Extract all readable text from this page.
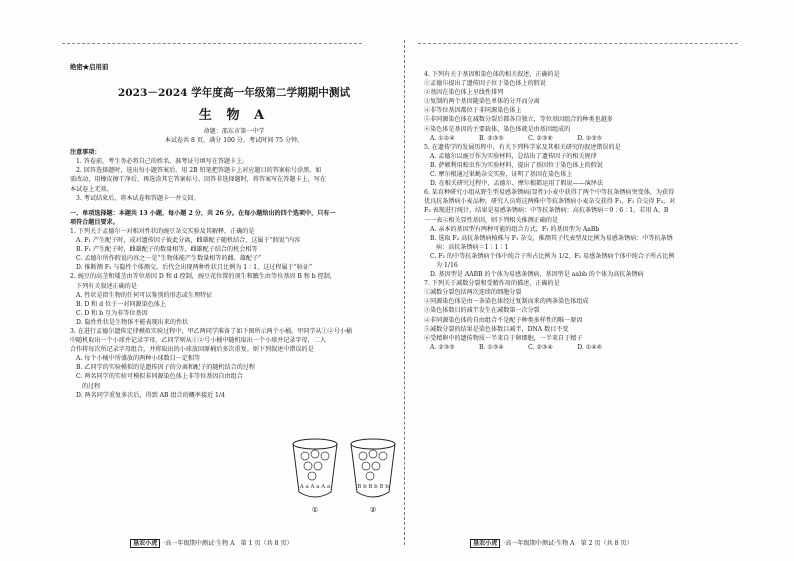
绝密★启用前
2023－2024 学年度高一年级第二学期期中测试
生 物 A
命题：邵东市第一中学
本试卷共 8 页，满分 100 分，考试时间 75 分钟。
注意事项：
1. 答卷前，考生务必将自己的姓名、准考证号填写在答题卡上。
2. 回答选择题时，选出每小题答案后，用 2B 铅笔把答题卡上对应题目的答案标号涂黑。如
需改动，用橡皮擦干净后，再选涂其它答案标号。回答非选择题时，将答案写在答题卡上，写在
本试卷上无效。
3. 考试结束后，将本试卷和答题卡一并交回。
一、单项选择题：本题共 13 小题，每小题 2 分，共 26 分。在每小题给出的四个选项中，只有一
项符合题目要求。
1. 下列关于孟德尔一对相对性状的豌豆杂交实验及其解释，正确的是
A. F₁ 产生配子时，成对遗传因子彼此分离，雌雄配子随机结合，这属于“假说”内容
B. F₁ 产生配子时，雌雄配子的数量相等，雌雄配子结合的机会相等
C. 孟德尔所作假说内容之一是“生物体能产生数量相等的雌、雄配子”
D. 推断测 F₁ 与隐性个体测交，后代会出现两种性状且比例为 1∶1，这过程属于“验证”
2. 豌豆的高茎和矮茎由等位基因 D 和 d 控制，豌豆花位置的顶生和腋生由等位基因 B 和 b 控制，
下列有关叙述正确的是
A. 性状是指生物的任何可以鉴别的形态或生理特征
B. D 和 d 位于一对同源染色体上
C. D 和 b 互为非等位基因
D. 隐性性状是生物体不能表现出来的性状
3. 在进行孟德尔遗传定律模拟实验过程中，甲乙两同学准备了如下图所示两个小桶，甲同学从①②号小桶
中随机取出一个小球并记录字母，乙同学则从①②号小桶中随机取出一个小球并记录字母，二人
合作将每次所记录字母组合，并将取出的小球放回原桶后多次重复。则下列叙述中错误的是
A. 每个小桶中所盛放的两种小球数目一定相等
B. 乙同学的实验模拟的是遗传因子的分离和配子的随机结合的过程
C. 两名同学的实验可模拟非同源染色体上非等位基因自由组合
的过程
D. 两名同学重复多次后，得到 AB 组合的概率接近 1/4
A a A a A a	B b B b B b
①	②
4. 下列有关于基因和染色体的相关叙述，正确的是
①孟德尔提出了遗传因子位于染色体上的假说
②基因在染色体上呈线性排列
③复制的两个基因随染色单体的分开而分离
④非等位基因都位于非同源染色体上
⑤非同源染色体在减数分裂后都各自独立，等位基因组合的种类也越多
⑥染色体是基因的主要载体，染色体就是由基因组成的
A. ①②④　　　　B. ②③⑤　　　　C. ②③⑥　　　　D. ②③⑤
5. 在遗传学的发展历程中，有关下列科学家及其相关研究的叙述错误的是
A. 孟德尔以豌豆作为实验材料，总结出了遗传因子的相关规律
B. 萨顿利用蝗虫作为实验材料，提出了基因位于染色体上的假说
C. 摩尔根通过果蝇杂交实验，证明了基因在染色体上
D. 在相关研究过程中，孟德尔、摩尔根都运用了假说——演绎法
6. 某育种研究小组从野生型易感条锈病(显性)小麦中获得了两个中等抗条锈病突变体，为获得
优良抗条锈病小麦品种，研究人员将这两株中等抗条锈病小麦杂交获得 F₁，F₁ 自交得 F₂，对
F₂ 表现进行统计，结果是易感条锈病：中等抗条锈病：高抗条锈病＝9∶6∶1。若用 A、B
一一表示相关显性基因，则下列相关推测正确的是
A. 亲本的基因型有两种可能的组合方式，F₁ 的基因型为 AaBb
B. 选取 F₂ 高抗条锈病植株与 F₁ 杂交，推测其子代表型及比例为易感条锈病：中等抗条锈
病：高抗条锈病＝1∶1∶1
C. F₂ 的中等抗条锈病个体中纯合子所占比例为 1/2，F₂ 易感条锈病个体中纯合子所占比例
为 1/16
D. 基因型是 AABB 的个体为易感条锈病，基因型是 aabb 的个体为高抗条锈病
7. 下列关于减数分裂和受精作用的描述，正确的是
①减数分裂包括两次连续的细胞分裂
②同源染色体是由一条染色体经过复制而来的两条染色体组成
③染色体数目的减半发生在减数第一次分裂
④非同源染色体的自由组合不是配子种类多样性的唯一原因
⑤减数分裂的结果是染色体数目减半，DNA 数目不变
⑥受精卵中的遗传物质一半来自于卵细胞，一半来自于精子
A. ②③⑤　　　　B. ①③④　　　　C. ②③④　　　　D. ①④⑥
垦农小虎 ·高一年级期中测试·生物 A　第 1 页（共 8 页）	垦农小虎 ·高一年级期中测试·生物 A　第 2 页（共 8 页）
